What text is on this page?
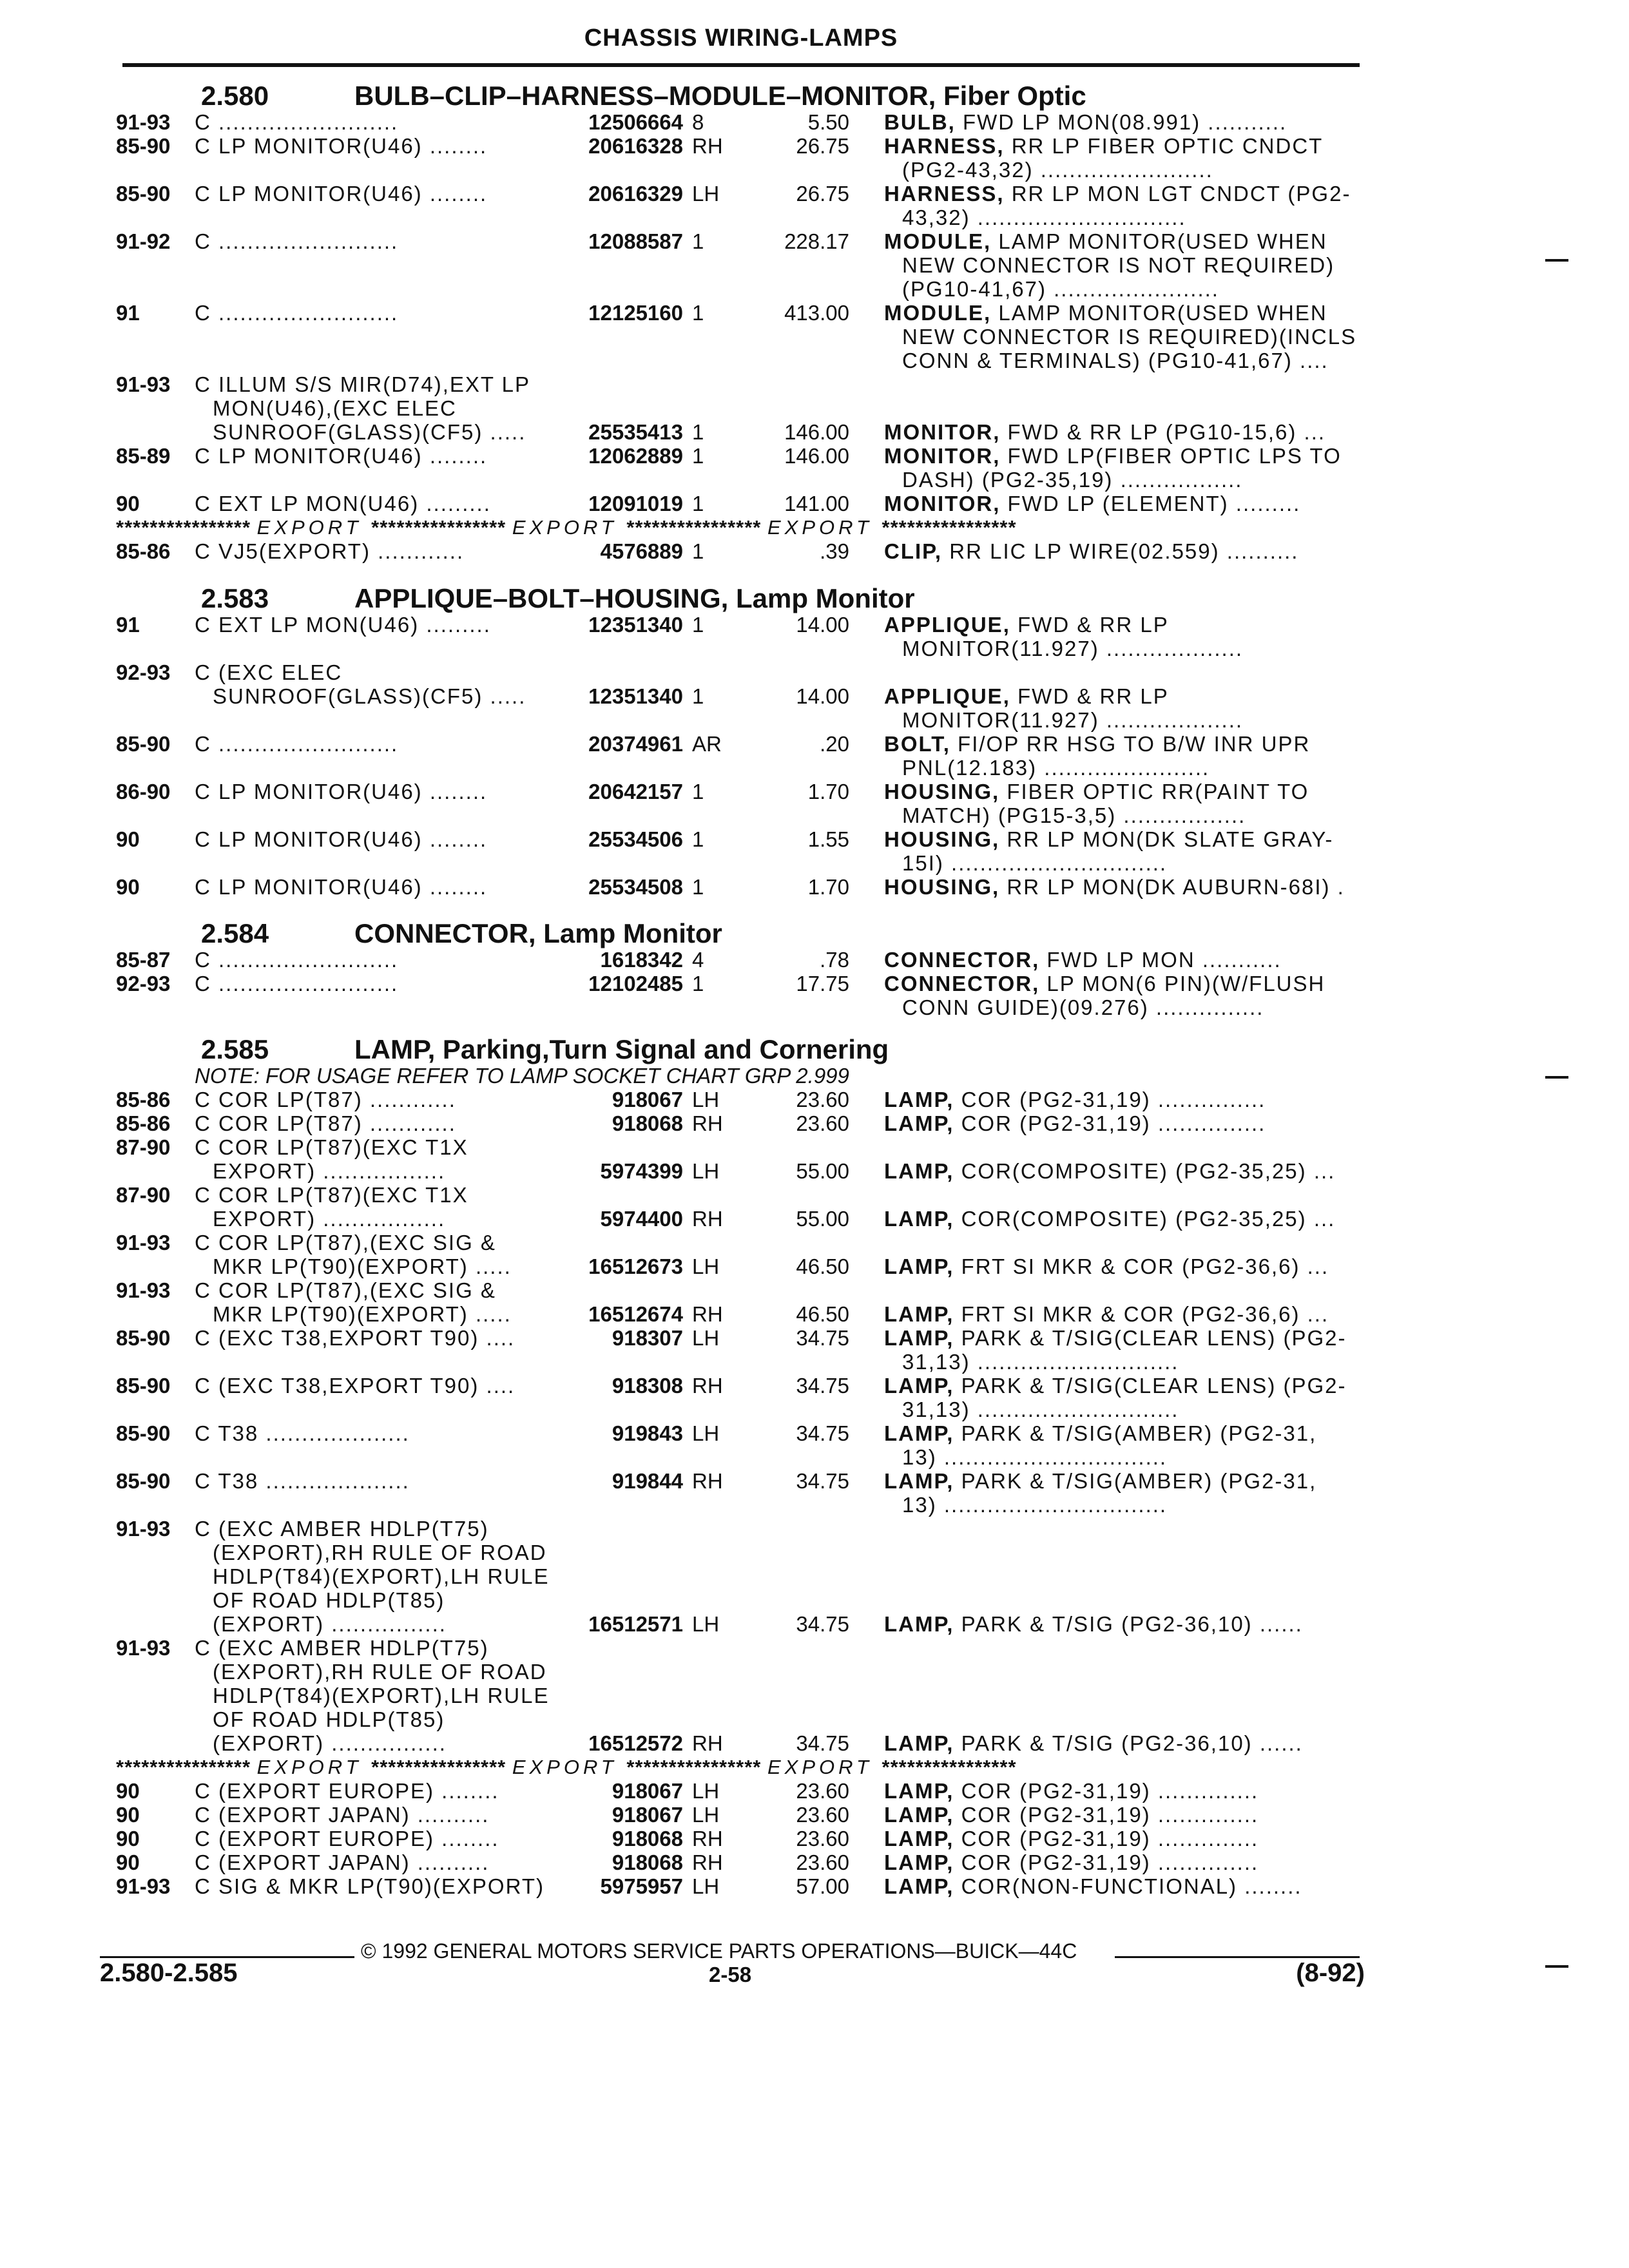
CHASSIS WIRING-LAMPS
2.580	BULB–CLIP–HARNESS–MODULE–MONITOR, Fiber Optic
91-93 C .........................	12506664 8	5.50 BULB, FWD LP MON(08.991) ...........
85-90 C LP MONITOR(U46) ........	20616328 RH	26.75 HARNESS, RR LP FIBER OPTIC CNDCT
(PG2-43,32) ........................
85-90 C LP MONITOR(U46) ........	20616329 LH	26.75 HARNESS, RR LP MON LGT CNDCT (PG2-
43,32) .............................
91-92 C .........................	12088587 1	228.17 MODULE, LAMP MONITOR(USED WHEN
NEW CONNECTOR IS NOT REQUIRED)
(PG10-41,67) .......................
91	C .........................	12125160 1	413.00 MODULE, LAMP MONITOR(USED WHEN
NEW CONNECTOR IS REQUIRED)(INCLS
CONN & TERMINALS) (PG10-41,67) ....
91-93 C ILLUM S/S MIR(D74),EXT LP
MON(U46),(EXC ELEC
SUNROOF(GLASS)(CF5) .....	25535413 1	146.00 MONITOR, FWD & RR LP (PG10-15,6) ...
85-89 C LP MONITOR(U46) ........	12062889 1	146.00 MONITOR, FWD LP(FIBER OPTIC LPS TO
DASH) (PG2-35,19) .................
90	C EXT LP MON(U46) .........	12091019 1	141.00 MONITOR, FWD LP (ELEMENT) .........
**************** EXPORT **************** EXPORT **************** EXPORT ****************
85-86 C VJ5(EXPORT) ............	4576889 1	.39 CLIP, RR LIC LP WIRE(02.559) ..........
2.583	APPLIQUE–BOLT–HOUSING, Lamp Monitor
91	C EXT LP MON(U46) .........	12351340 1	14.00 APPLIQUE, FWD & RR LP
MONITOR(11.927) ...................
92-93 C (EXC ELEC
SUNROOF(GLASS)(CF5) .....	12351340 1	14.00 APPLIQUE, FWD & RR LP
MONITOR(11.927) ...................
85-90 C .........................	20374961 AR	.20 BOLT, FI/OP RR HSG TO B/W INR UPR
PNL(12.183) .......................
86-90 C LP MONITOR(U46) ........	20642157 1	1.70 HOUSING, FIBER OPTIC RR(PAINT TO
MATCH) (PG15-3,5) .................
90	C LP MONITOR(U46) ........	25534506 1	1.55 HOUSING, RR LP MON(DK SLATE GRAY-
15I) ..............................
90	C LP MONITOR(U46) ........	25534508 1	1.70 HOUSING, RR LP MON(DK AUBURN-68I) .
2.584	CONNECTOR, Lamp Monitor
85-87 C .........................	1618342 4	.78 CONNECTOR, FWD LP MON ...........
92-93 C .........................	12102485 1	17.75 CONNECTOR, LP MON(6 PIN)(W/FLUSH
CONN GUIDE)(09.276) ...............
2.585	LAMP, Parking,Turn Signal and Cornering
NOTE: FOR USAGE REFER TO LAMP SOCKET CHART GRP 2.999
85-86 C COR LP(T87) ............	918067 LH	23.60 LAMP, COR (PG2-31,19) ...............
85-86 C COR LP(T87) ............	918068 RH	23.60 LAMP, COR (PG2-31,19) ...............
87-90 C COR LP(T87)(EXC T1X
EXPORT) .................	5974399 LH	55.00 LAMP, COR(COMPOSITE) (PG2-35,25) ...
87-90 C COR LP(T87)(EXC T1X
EXPORT) .................	5974400 RH	55.00 LAMP, COR(COMPOSITE) (PG2-35,25) ...
91-93 C COR LP(T87),(EXC SIG &
MKR LP(T90)(EXPORT) .....	16512673 LH	46.50 LAMP, FRT SI MKR & COR (PG2-36,6) ...
91-93 C COR LP(T87),(EXC SIG &
MKR LP(T90)(EXPORT) .....	16512674 RH	46.50 LAMP, FRT SI MKR & COR (PG2-36,6) ...
85-90 C (EXC T38,EXPORT T90) ....	918307 LH	34.75 LAMP, PARK & T/SIG(CLEAR LENS) (PG2-
31,13) ............................
85-90 C (EXC T38,EXPORT T90) ....	918308 RH	34.75 LAMP, PARK & T/SIG(CLEAR LENS) (PG2-
31,13) ............................
85-90 C T38 ....................	919843 LH	34.75 LAMP, PARK & T/SIG(AMBER) (PG2-31,
13) ...............................
85-90 C T38 ....................	919844 RH	34.75 LAMP, PARK & T/SIG(AMBER) (PG2-31,
13) ...............................
91-93 C (EXC AMBER HDLP(T75)
(EXPORT),RH RULE OF ROAD
HDLP(T84)(EXPORT),LH RULE
OF ROAD HDLP(T85)
(EXPORT) ................	16512571 LH	34.75 LAMP, PARK & T/SIG (PG2-36,10) ......
91-93 C (EXC AMBER HDLP(T75)
(EXPORT),RH RULE OF ROAD
HDLP(T84)(EXPORT),LH RULE
OF ROAD HDLP(T85)
(EXPORT) ................	16512572 RH	34.75 LAMP, PARK & T/SIG (PG2-36,10) ......
**************** EXPORT **************** EXPORT **************** EXPORT ****************
90	C (EXPORT EUROPE) ........	918067 LH	23.60 LAMP, COR (PG2-31,19) ..............
90	C (EXPORT JAPAN) ..........	918067 LH	23.60 LAMP, COR (PG2-31,19) ..............
90	C (EXPORT EUROPE) ........	918068 RH	23.60 LAMP, COR (PG2-31,19) ..............
90	C (EXPORT JAPAN) ..........	918068 RH	23.60 LAMP, COR (PG2-31,19) ..............
91-93 C SIG & MKR LP(T90)(EXPORT)	5975957 LH	57.00 LAMP, COR(NON-FUNCTIONAL) ........
© 1992 GENERAL MOTORS SERVICE PARTS OPERATIONS—BUICK—44C
2.580-2.585	2-58	(8-92)
